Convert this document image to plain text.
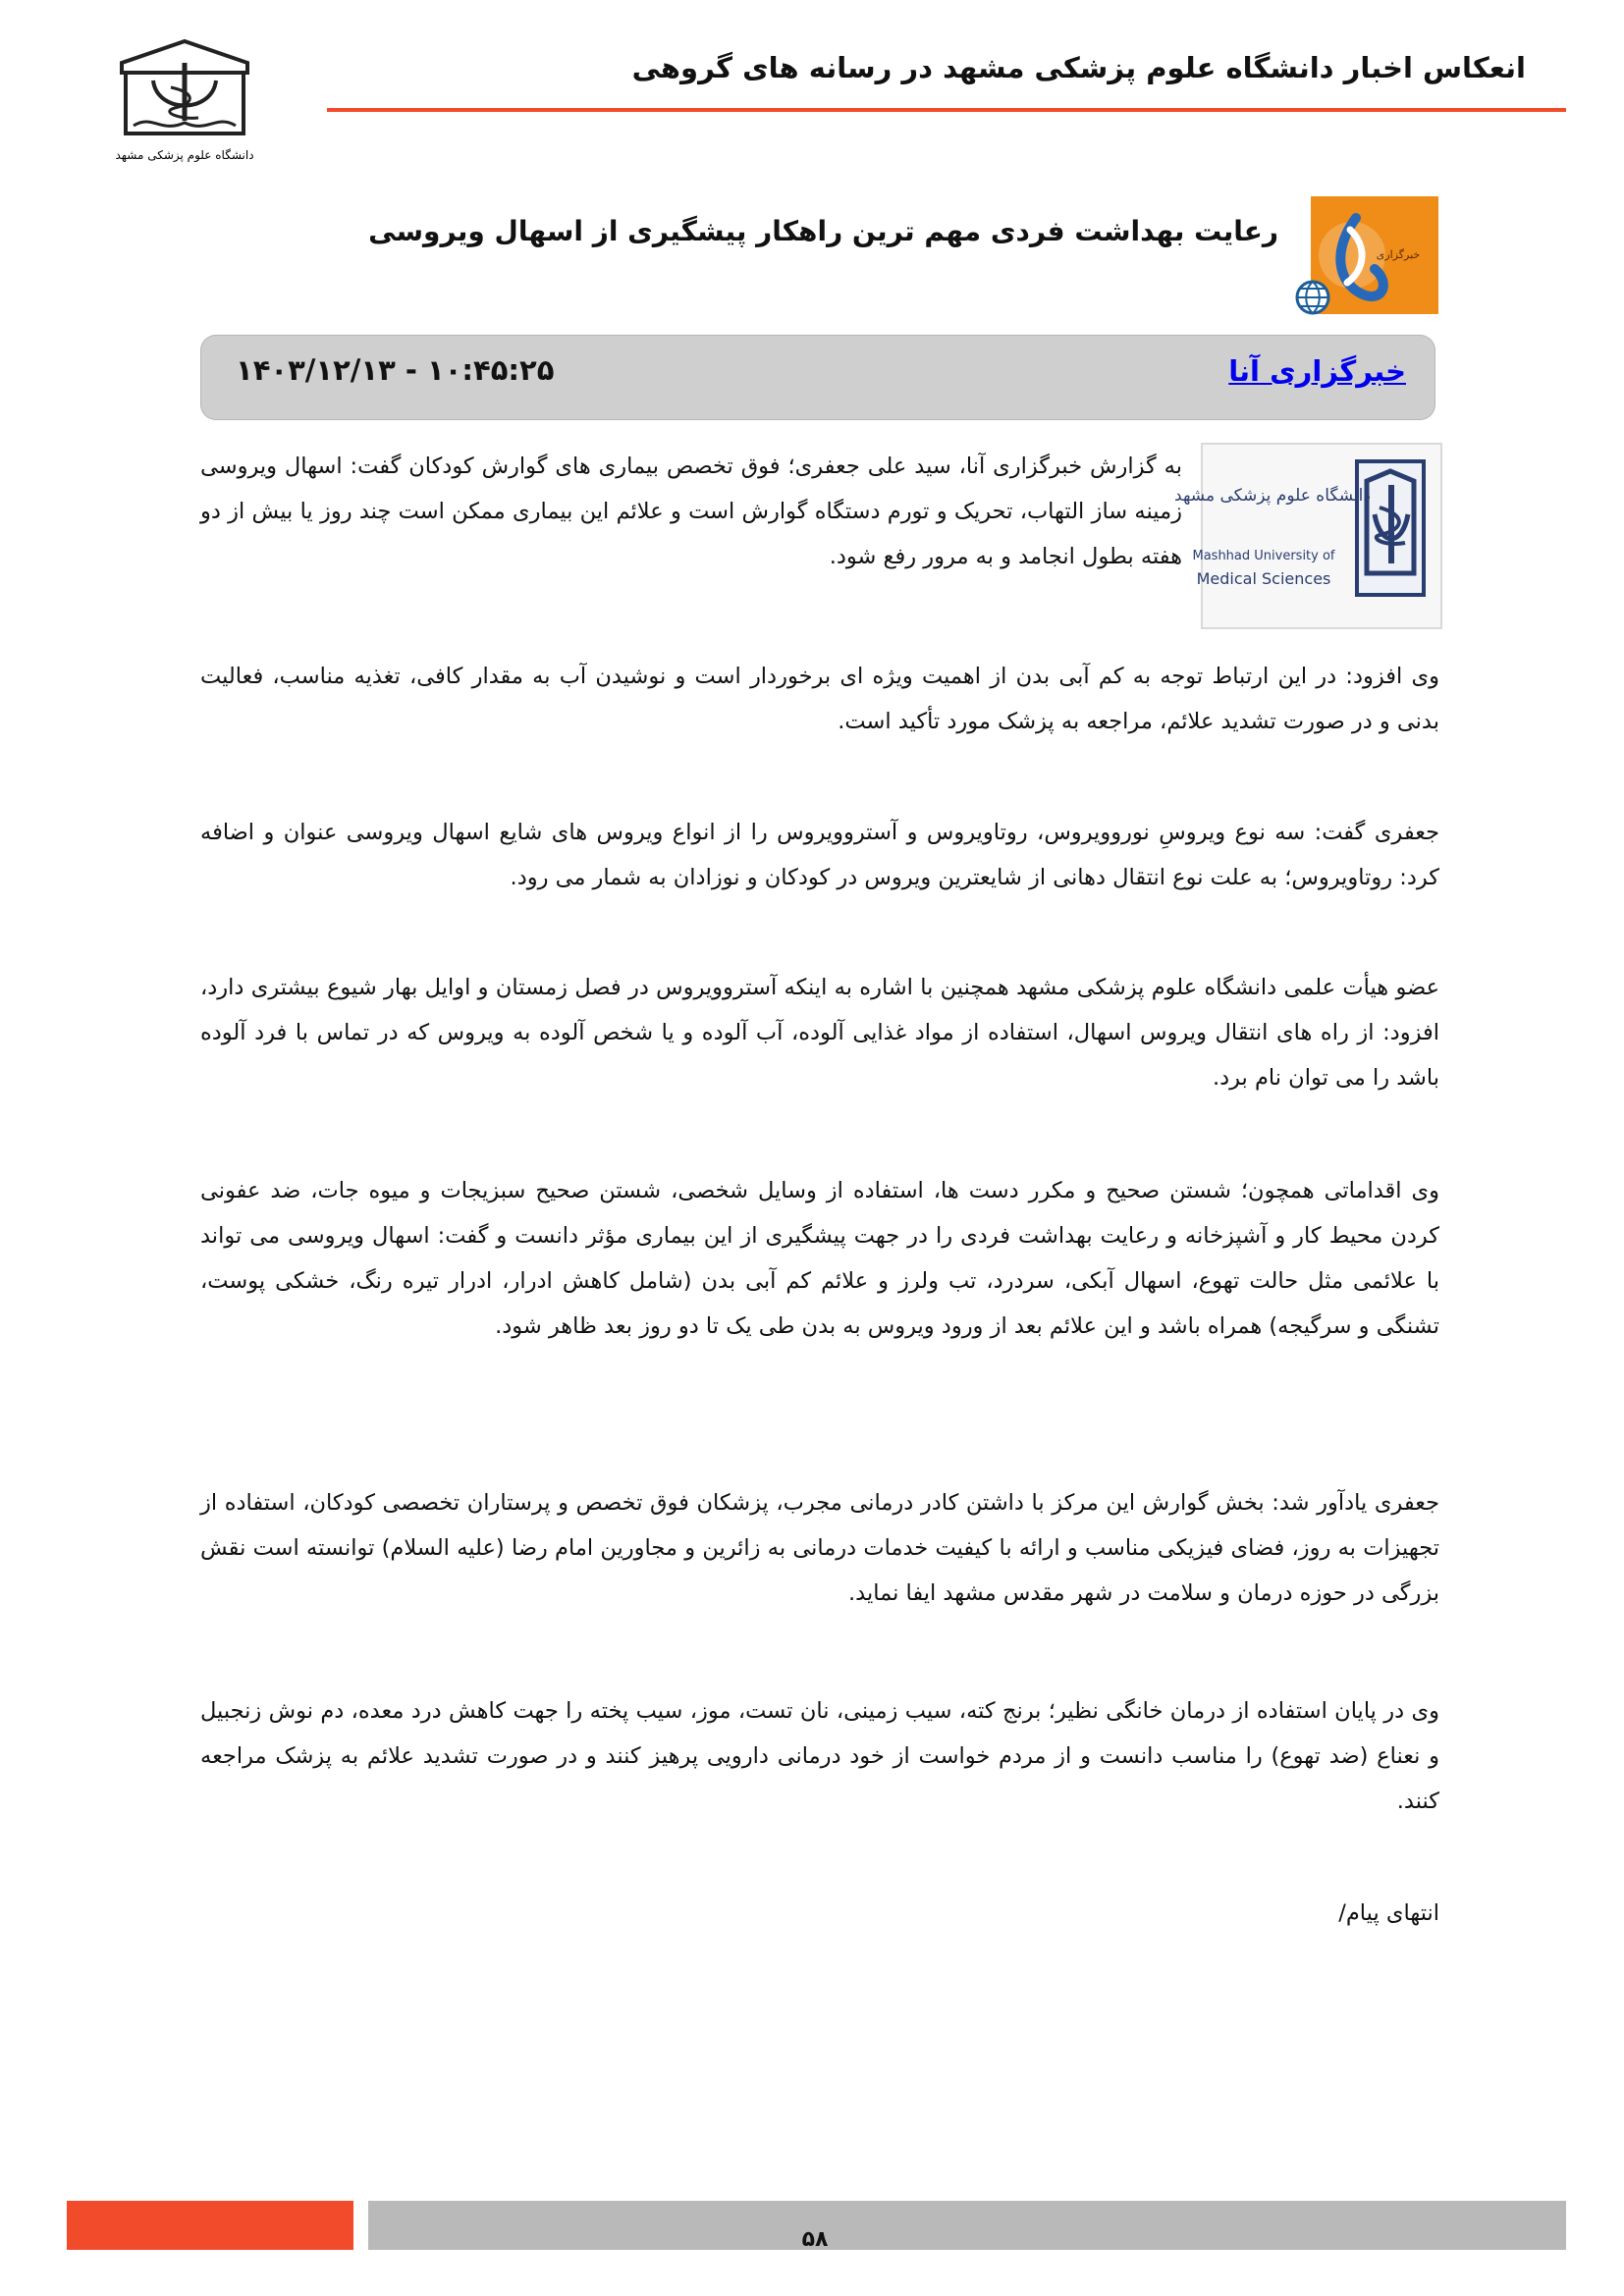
انعکاس اخبار دانشگاه علوم پزشکی مشهد در رسانه های گروهی
دانشگاه علوم پزشکی مشهد
خبرگزاری
رعایت بهداشت فردی مهم ترین راهکار پیشگیری از اسهال ویروسی
خبرگزاری آنا
۱۴۰۳/۱۲/۱۳ - ۱۰:۴۵:۲۵
دانشگاه علوم پزشکی مشهد
Mashhad University of
Medical Sciences
به گزارش خبرگزاری آنا، سید علی جعفری؛ فوق تخصص بیماری های گوارش کودکان گفت: اسهال ویروسی زمینه ساز التهاب، تحریک و تورم دستگاه گوارش است و علائم این بیماری ممکن است چند روز یا بیش از دو هفته بطول انجامد و به مرور رفع شود.
وی افزود: در این ارتباط توجه به کم آبی بدن از اهمیت ویژه ای برخوردار است و نوشیدن آب به مقدار کافی، تغذیه مناسب، فعالیت بدنی و در صورت تشدید علائم، مراجعه به پزشک مورد تأکید است.
جعفری گفت: سه نوع ویروسِ نوروویروس، روتاویروس و آستروویروس را از انواع ویروس های شایع اسهال ویروسی عنوان و اضافه کرد: روتاویروس؛ به علت نوع انتقال دهانی از شایعترین ویروس در کودکان و نوزادان به شمار می رود.
عضو هیأت علمی دانشگاه علوم پزشکی مشهد همچنین با اشاره به اینکه آستروویروس در فصل زمستان و اوایل بهار شیوع بیشتری دارد، افزود: از راه های انتقال ویروس اسهال، استفاده از مواد غذایی آلوده، آب آلوده و یا شخص آلوده به ویروس که در تماس با فرد آلوده باشد را می توان نام برد.
وی اقداماتی همچون؛ شستن صحیح و مکرر دست ها، استفاده از وسایل شخصی، شستن صحیح سبزیجات و میوه جات، ضد عفونی کردن محیط کار و آشپزخانه و رعایت بهداشت فردی را در جهت پیشگیری از این بیماری مؤثر دانست و گفت: اسهال ویروسی می تواند با علائمی مثل حالت تهوع، اسهال آبکی، سردرد، تب ولرز و علائم کم آبی بدن (شامل کاهش ادرار، ادرار تیره رنگ، خشکی پوست، تشنگی و سرگیجه) همراه باشد و این علائم بعد از ورود ویروس به بدن طی یک تا دو روز بعد ظاهر شود.
جعفری یادآور شد: بخش گوارش این مرکز با داشتن کادر درمانی مجرب، پزشکان فوق تخصص و پرستاران تخصصی کودکان، استفاده از تجهیزات به روز، فضای فیزیکی مناسب و ارائه با کیفیت خدمات درمانی به زائرین و مجاورین امام رضا (علیه السلام) توانسته است نقش بزرگی در حوزه درمان و سلامت در شهر مقدس مشهد ایفا نماید.
وی در پایان استفاده از درمان خانگی نظیر؛ برنج کته، سیب زمینی، نان تست، موز، سیب پخته را جهت کاهش درد معده، دم نوش زنجبیل و نعناع (ضد تهوع) را مناسب دانست و از مردم خواست از خود درمانی دارویی پرهیز کنند و در صورت تشدید علائم به پزشک مراجعه کنند.
انتهای پیام/
۵۸
